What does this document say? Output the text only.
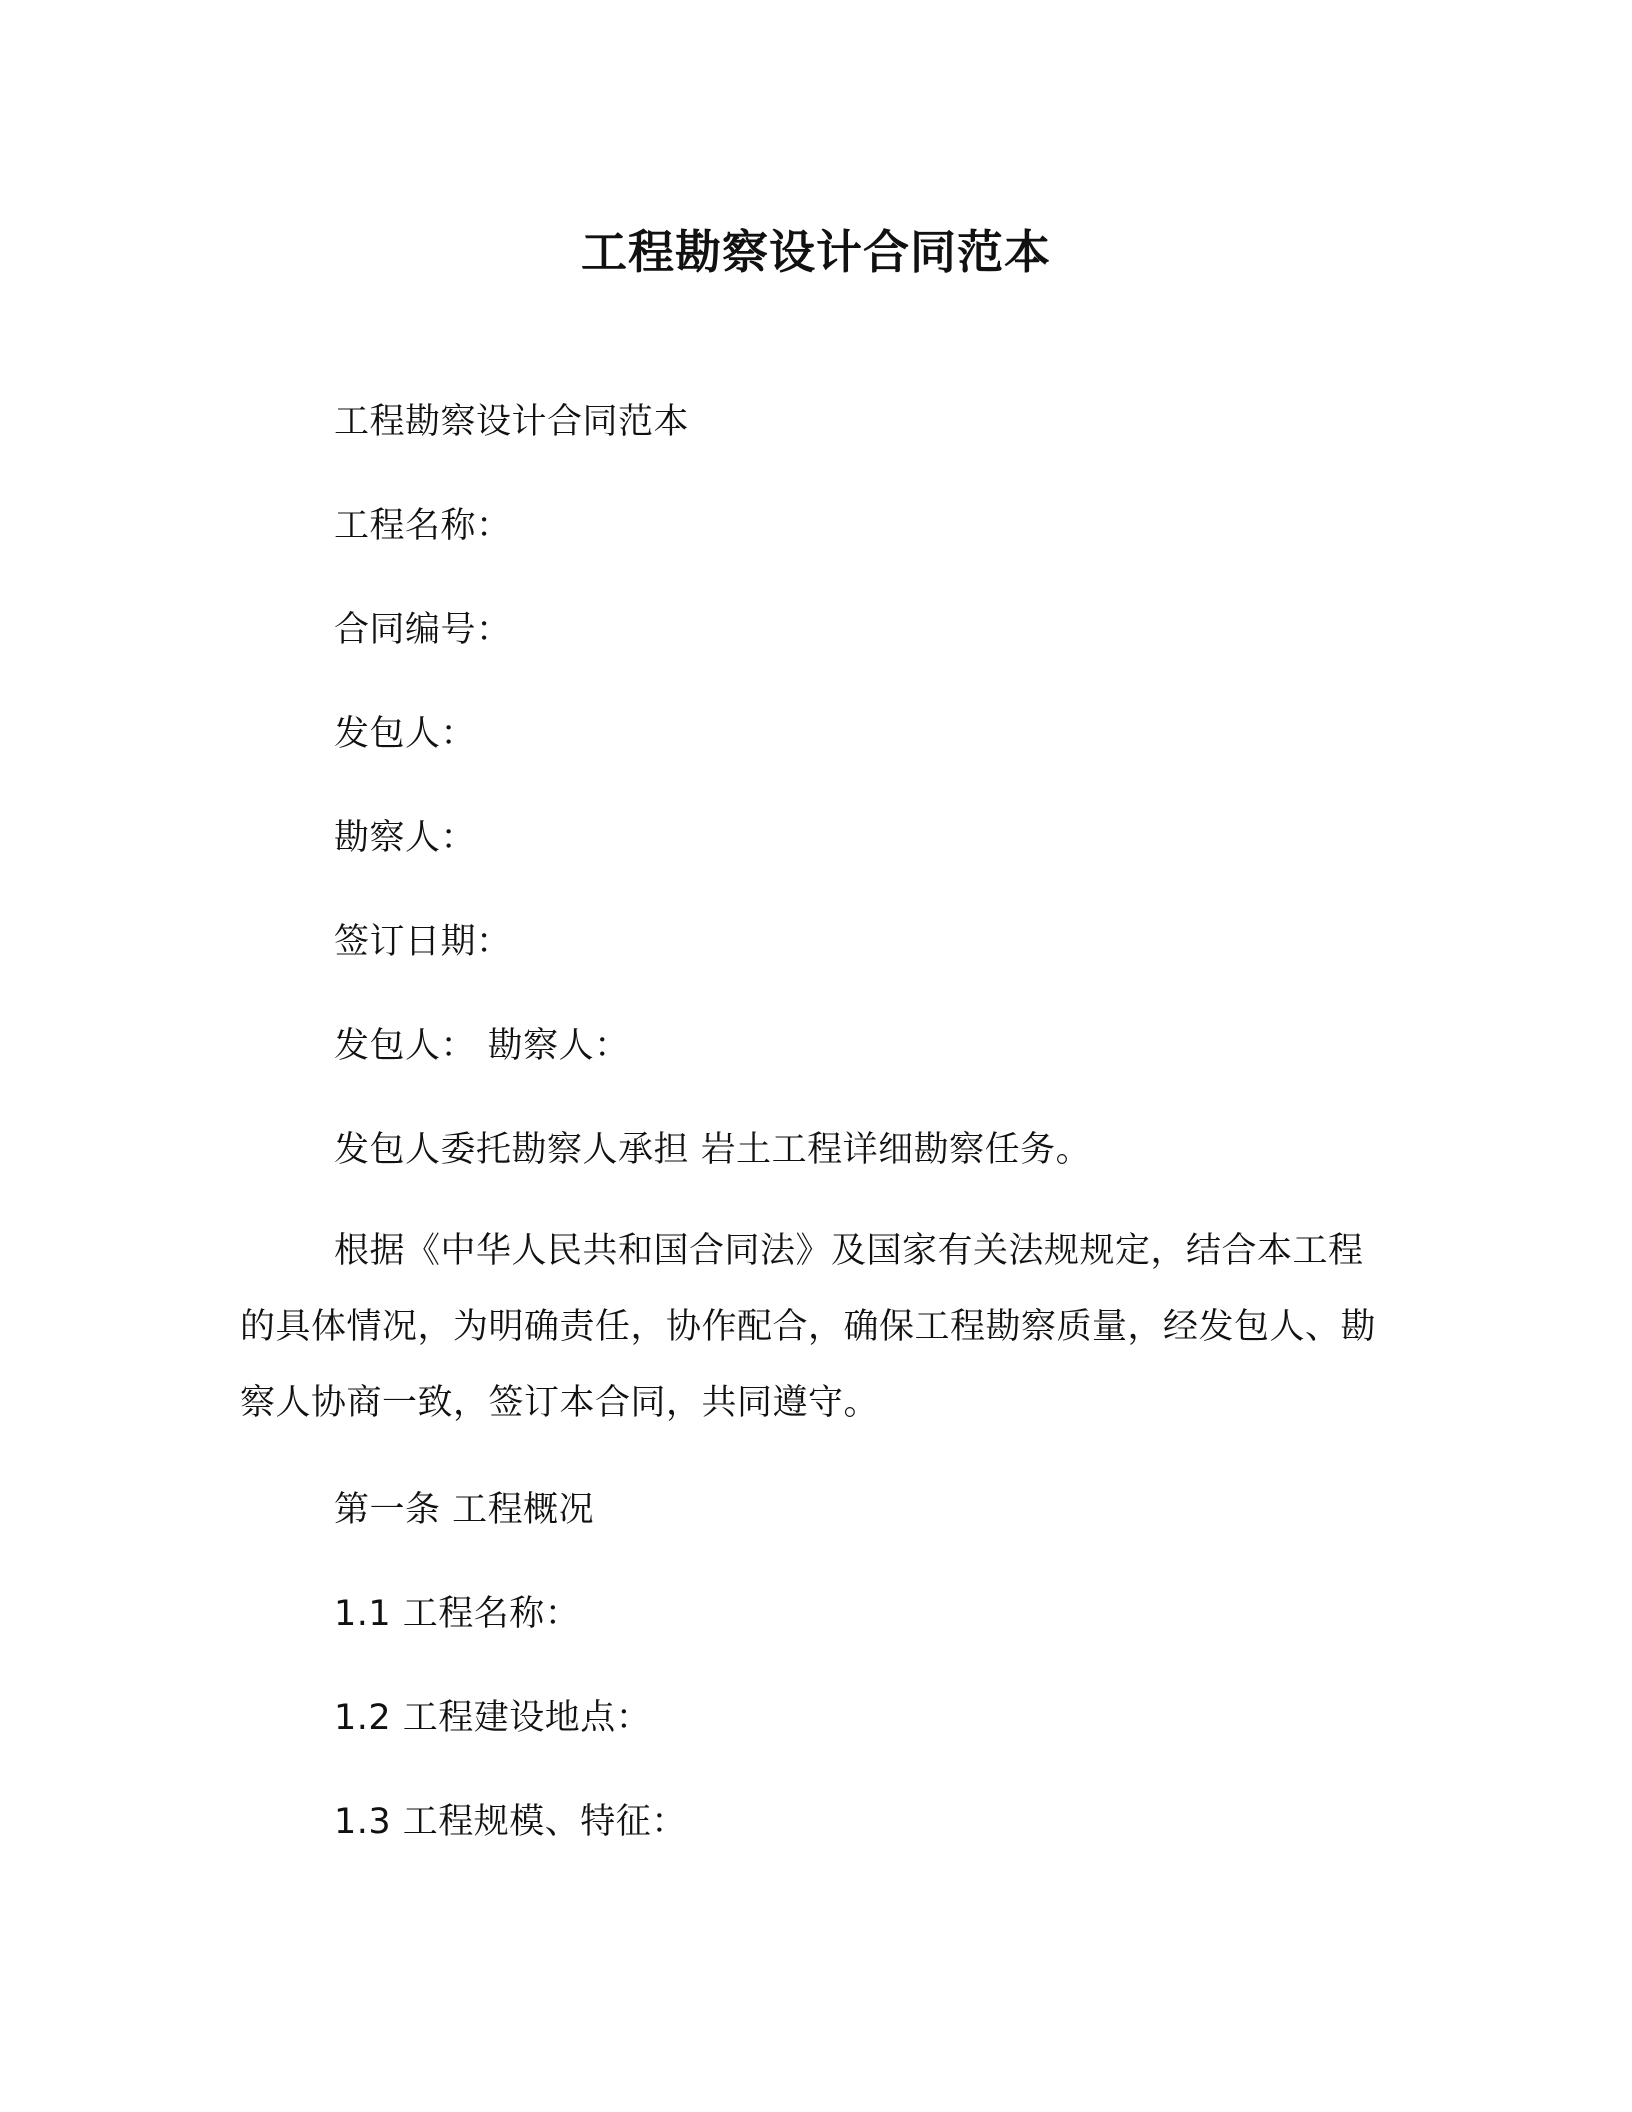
工程勘察设计合同范本
工程勘察设计合同范本
工程名称：
合同编号：
发包人：
勘察人：
签订日期：
发包人： 勘察人：
发包人委托勘察人承担 岩土工程详细勘察任务。
根据《中华人民共和国合同法》及国家有关法规规定，结合本工程的具体情况，为明确责任，协作配合，确保工程勘察质量，经发包人、勘察人协商一致，签订本合同，共同遵守。
第一条 工程概况
1.1 工程名称：
1.2 工程建设地点：
1.3 工程规模、特征：
